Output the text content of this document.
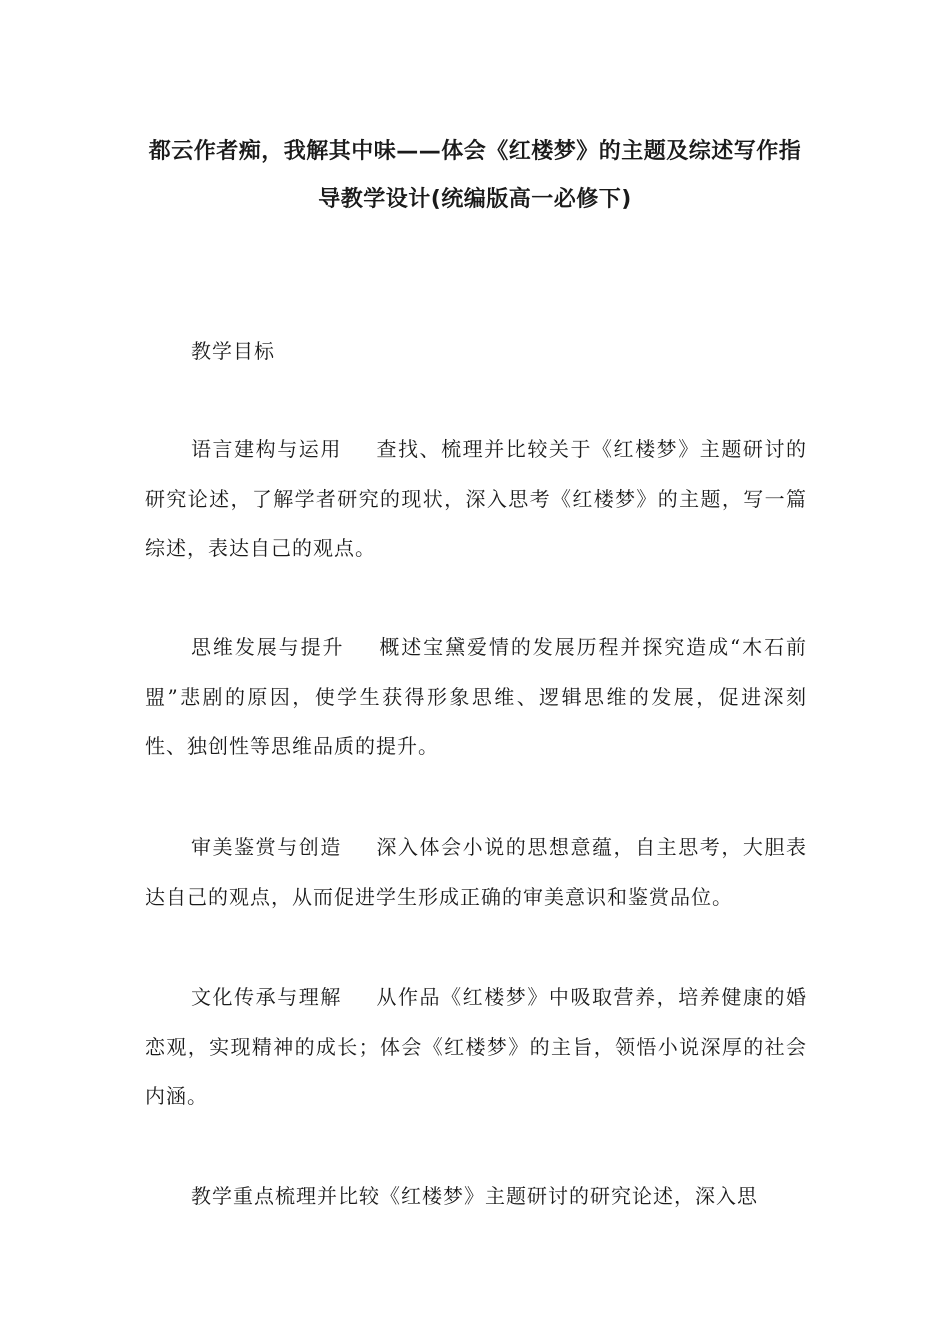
都云作者痴，我解其中味——体会《红楼梦》的主题及综述写作指导教学设计(统编版高一必修下)
教学目标
语言建构与运用 查找、梳理并比较关于《红楼梦》主题研讨的研究论述，了解学者研究的现状，深入思考《红楼梦》的主题，写一篇综述，表达自己的观点。
思维发展与提升 概述宝黛爱情的发展历程并探究造成“木石前盟”悲剧的原因，使学生获得形象思维、逻辑思维的发展，促进深刻性、独创性等思维品质的提升。
审美鉴赏与创造 深入体会小说的思想意蕴，自主思考，大胆表达自己的观点，从而促进学生形成正确的审美意识和鉴赏品位。
文化传承与理解 从作品《红楼梦》中吸取营养，培养健康的婚恋观，实现精神的成长；体会《红楼梦》的主旨，领悟小说深厚的社会内涵。
教学重点梳理并比较《红楼梦》主题研讨的研究论述，深入思
